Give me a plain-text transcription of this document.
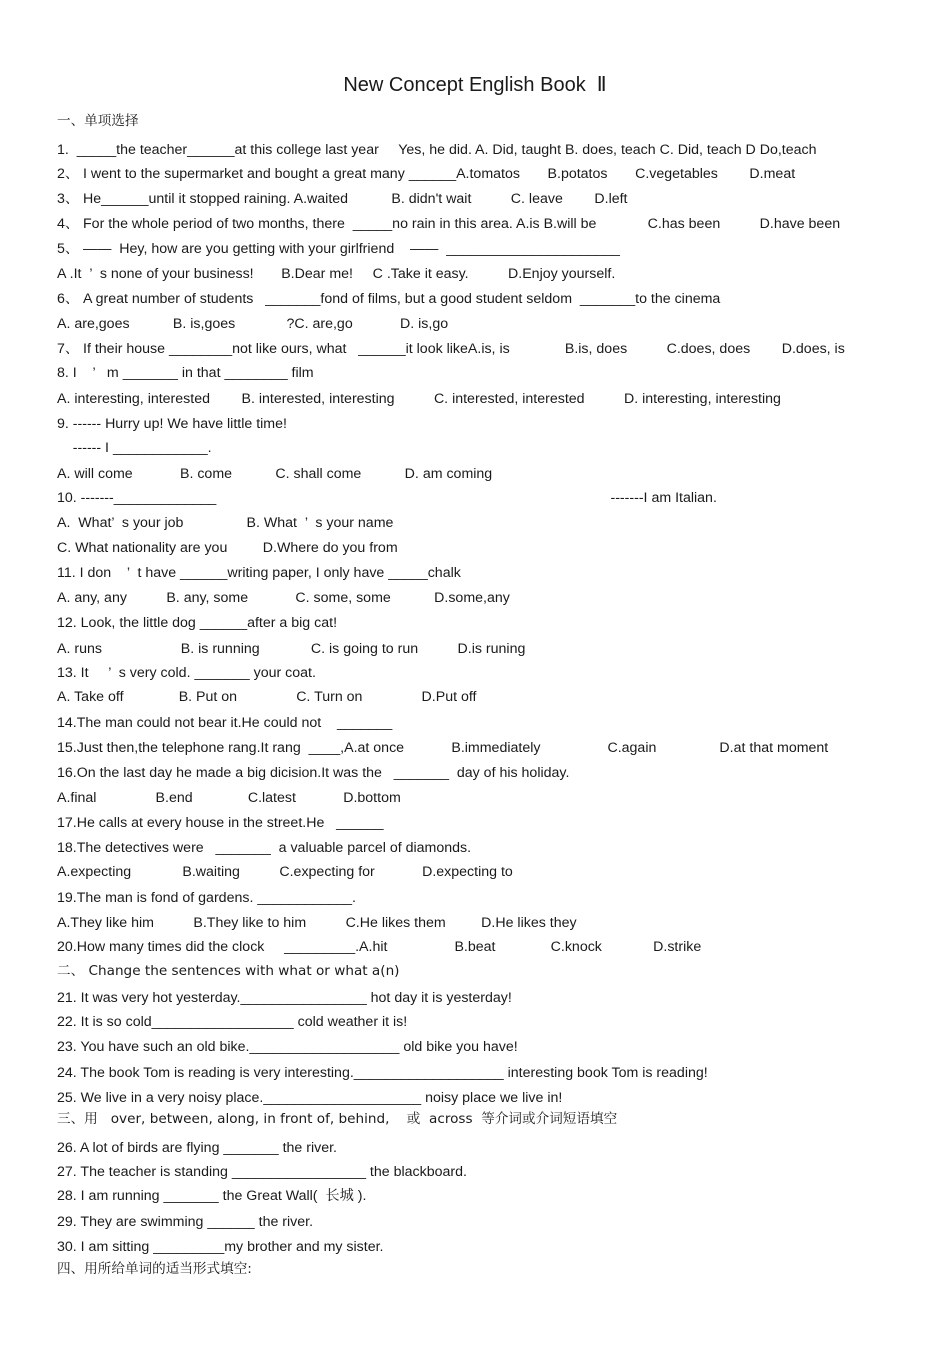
New Concept English Book  Ⅱ
一、单项选择
1.  _____the teacher______at this college last year     Yes, he did. A. Did, taught B. does, teach C. Did, teach D Do,teach
2、 I went to the supermarket and bought a great many ______A.tomatos       B.potatos       C.vegetables        D.meat
3、 He______until it stopped raining. A.waited           B. didn't wait          C. leave        D.left
4、 For the whole period of two months, there  _____no rain in this area. A.is B.will be             C.has been          D.have been
5、 ——  Hey, how are you getting with your girlfriend    ——  ______________________
A .It  ’  s none of your business!       B.Dear me!     C .Take it easy.          D.Enjoy yourself.
6、 A great number of students   _______fond of films, but a good student seldom  _______to the cinema
A. are,goes           B. is,goes             ?C. are,go            D. is,go
7、 If their house ________not like ours, what   ______it look likeA.is, is              B.is, does          C.does, does        D.does, is
8. I    ’   m _______ in that ________ film
A. interesting, interested        B. interested, interesting          C. interested, interested          D. interesting, interesting
9. ------ Hurry up! We have little time!
------ I ____________.
A. will come            B. come           C. shall come           D. am coming
10. -------_____________                                                                                                    -------I am Italian.
A.  What’  s your job                B. What  ’  s your name
C. What nationality are you         D.Where do you from
11. I don    ’  t have ______writing paper, I only have _____chalk
A. any, any          B. any, some            C. some, some           D.some,any
12. Look, the little dog ______after a big cat!
A. runs                    B. is running             C. is going to run          D.is runing
13. It     ’  s very cold. _______ your coat.
A. Take off              B. Put on               C. Turn on               D.Put off
14.The man could not bear it.He could not    _______
15.Just then,the telephone rang.It rang  ____,A.at once            B.immediately                 C.again                D.at that moment
16.On the last day he made a big dicision.It was the   _______  day of his holiday.
A.final               B.end              C.latest            D.bottom
17.He calls at every house in the street.He   ______
18.The detectives were   _______  a valuable parcel of diamonds.
A.expecting             B.waiting          C.expecting for            D.expecting to
19.The man is fond of gardens. ____________.
A.They like him          B.They like to him          C.He likes them         D.He likes they
20.How many times did the clock     _________.A.hit                 B.beat              C.knock             D.strike
二、 Change the sentences with what or what a(n)
21. It was very hot yesterday.________________ hot day it is yesterday!
22. It is so cold__________________ cold weather it is!
23. You have such an old bike.___________________ old bike you have!
24. The book Tom is reading is very interesting.___________________ interesting book Tom is reading!
25. We live in a very noisy place.____________________ noisy place we live in!
三、用   over, between, along, in front of, behind,    或  across  等介词或介词短语填空
26. A lot of birds are flying _______ the river.
27. The teacher is standing _________________ the blackboard.
28. I am running _______ the Great Wall(  长城 ).
29. They are swimming ______ the river.
30. I am sitting _________my brother and my sister.
四、用所给单词的适当形式填空:
